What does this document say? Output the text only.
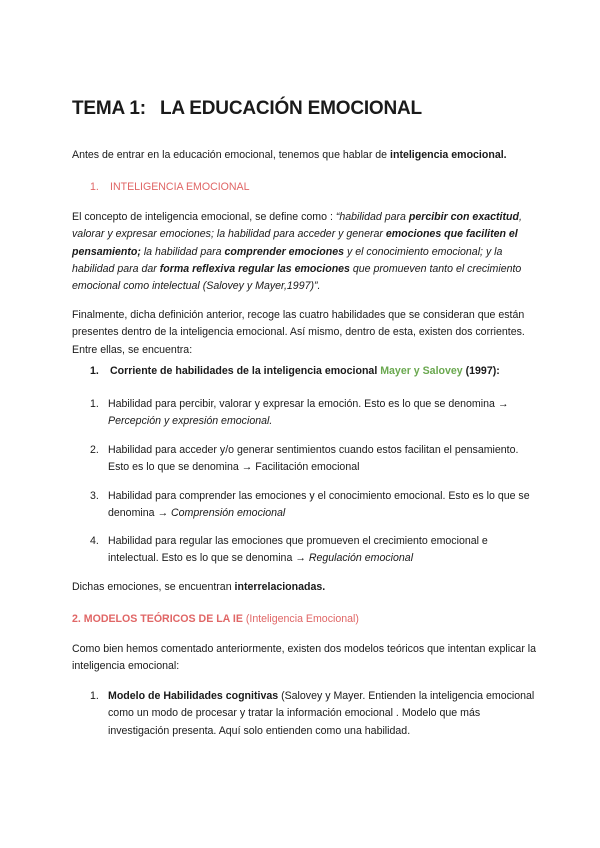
TEMA 1: LA EDUCACIÓN EMOCIONAL
Antes de entrar en la educación emocional, tenemos que hablar de inteligencia emocional.
1.	INTELIGENCIA EMOCIONAL
El concepto de inteligencia emocional, se define como : “habilidad para percibir con exactitud, valorar y expresar emociones; la habilidad para acceder y generar emociones que faciliten el pensamiento; la habilidad para comprender emociones y el conocimiento emocional; y la habilidad para dar forma reflexiva regular las emociones que promueven tanto el crecimiento emocional como intelectual (Salovey y Mayer,1997)”.
Finalmente, dicha definición anterior, recoge las cuatro habilidades que se consideran que están presentes dentro de la inteligencia emocional. Así mismo, dentro de esta, existen dos corrientes. Entre ellas, se encuentra:
1.	Corriente de habilidades de la inteligencia emocional Mayer y Salovey (1997):
1. Habilidad para percibir, valorar y expresar la emoción. Esto es lo que se denomina → Percepción y expresión emocional.
2. Habilidad para acceder y/o generar sentimientos cuando estos facilitan el pensamiento. Esto es lo que se denomina → Facilitación emocional
3. Habilidad para comprender las emociones y el conocimiento emocional. Esto es lo que se denomina → Comprensión emocional
4. Habilidad para regular las emociones que promueven el crecimiento emocional e intelectual. Esto es lo que se denomina → Regulación emocional
Dichas emociones, se encuentran interrelacionadas.
2. MODELOS TEÓRICOS DE LA IE (Inteligencia Emocional)
Como bien hemos comentado anteriormente, existen dos modelos teóricos que intentan explicar la inteligencia emocional:
1. Modelo de Habilidades cognitivas (Salovey y Mayer. Entienden la inteligencia emocional como un modo de procesar y tratar la información emocional . Modelo que más investigación presenta. Aquí solo entienden como una habilidad.
